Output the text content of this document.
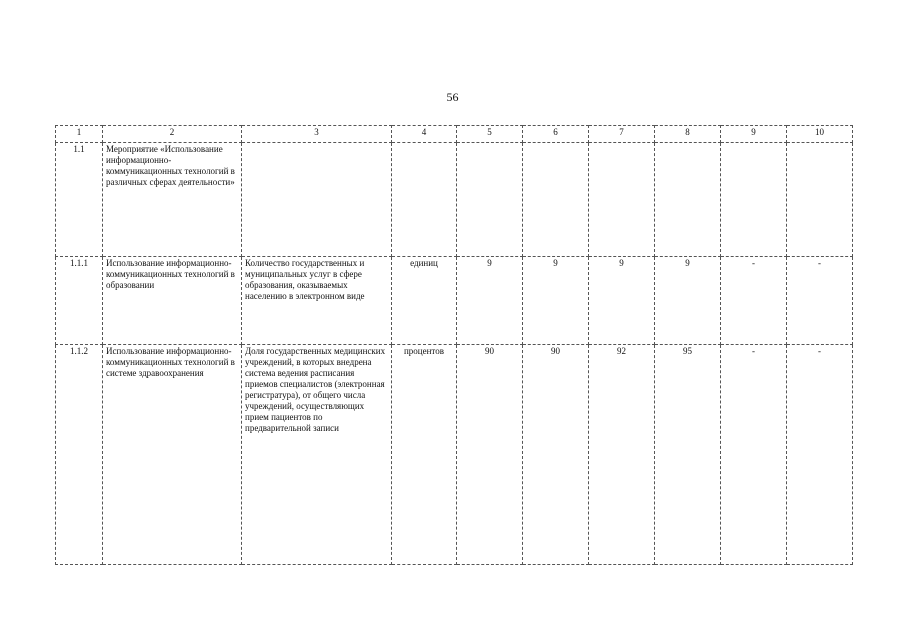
56
1	2	3	4	5	6	7	8	9	10
1.1	Мероприятие «Использование информационно-коммуникационных технологий в различных сферах деятельности»								
1.1.1	Использование информационно-коммуникационных технологий в образовании	Количество государственных и муниципальных услуг в сфере образования, оказываемых населению в электронном виде	единиц	9	9	9	9	-	-
1.1.2	Использование информационно-коммуникационных технологий в системе здравоохранения	Доля государственных медицинских учреждений, в которых внедрена система ведения расписания приемов специалистов (электронная регистратура), от общего числа учреждений, осуществляющих прием пациентов по предварительной записи	процентов	90	90	92	95	-	-
